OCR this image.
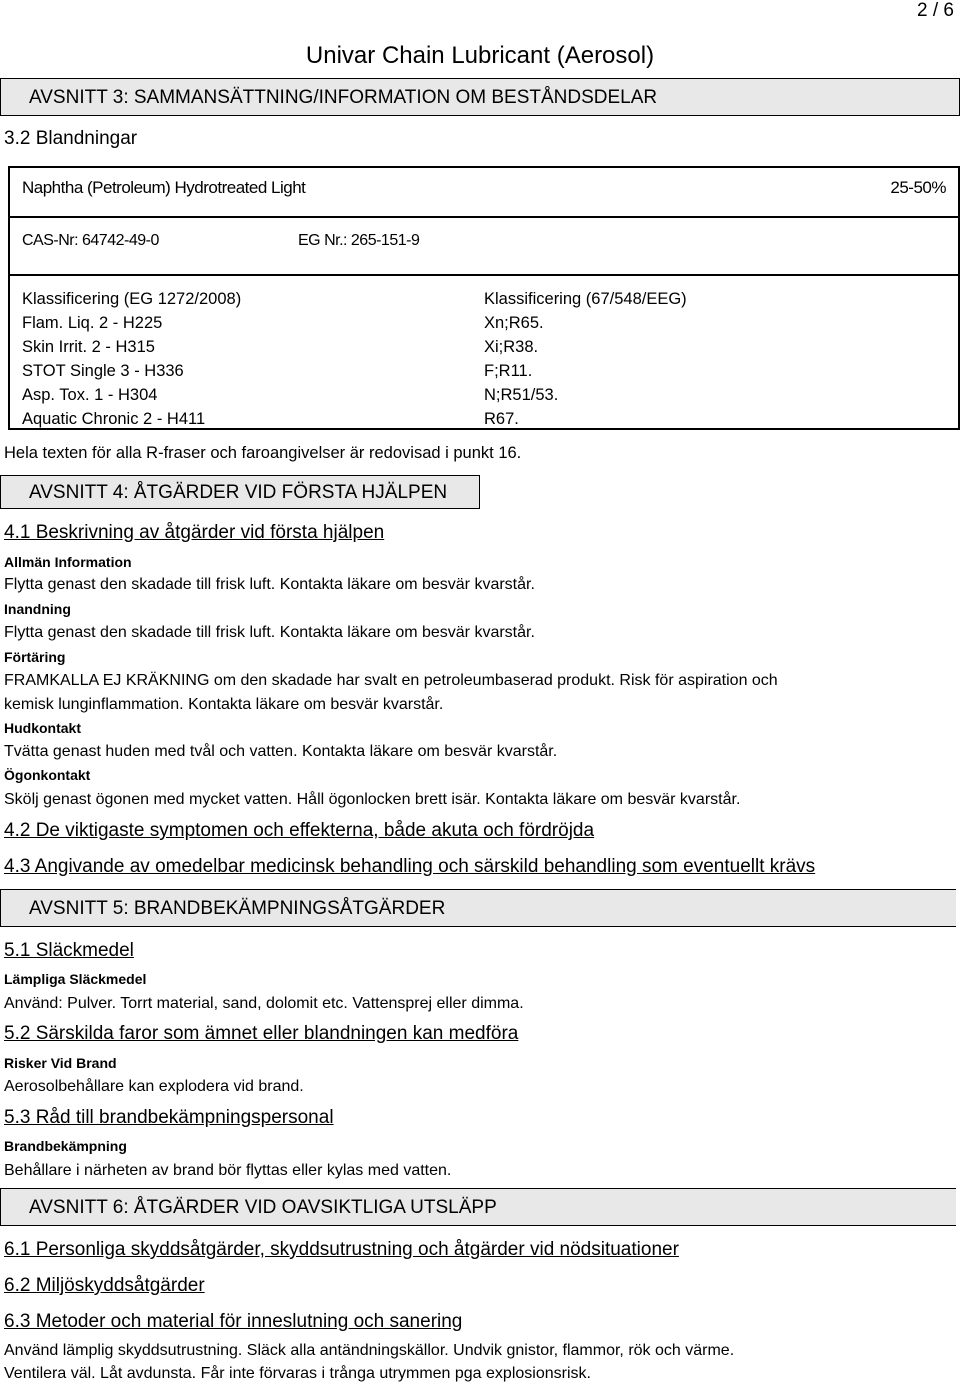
2 / 6
Univar Chain Lubricant (Aerosol)
AVSNITT 3: SAMMANSÄTTNING/INFORMATION OM BESTÅNDSDELAR
3.2 Blandningar
Naphtha (Petroleum) Hydrotreated Light	25-50%
CAS-Nr: 64742-49-0	EG Nr.: 265-151-9
Klassificering (EG 1272/2008)
Flam. Liq. 2 - H225
Skin Irrit. 2 - H315
STOT Single 3 - H336
Asp. Tox. 1 - H304
Aquatic Chronic 2 - H411
Klassificering (67/548/EEG)
Xn;R65.
Xi;R38.
F;R11.
N;R51/53.
R67.
Hela texten för alla R-fraser och faroangivelser är redovisad i punkt 16.
AVSNITT 4: ÅTGÄRDER VID FÖRSTA HJÄLPEN
4.1 Beskrivning av åtgärder vid första hjälpen
Allmän Information
Flytta genast den skadade till frisk luft. Kontakta läkare om besvär kvarstår.
Inandning
Flytta genast den skadade till frisk luft. Kontakta läkare om besvär kvarstår.
Förtäring
FRAMKALLA EJ KRÄKNING om den skadade har svalt en petroleumbaserad produkt. Risk för aspiration och
kemisk lunginflammation. Kontakta läkare om besvär kvarstår.
Hudkontakt
Tvätta genast huden med tvål och vatten. Kontakta läkare om besvär kvarstår.
Ögonkontakt
Skölj genast ögonen med mycket vatten. Håll ögonlocken brett isär. Kontakta läkare om besvär kvarstår.
4.2 De viktigaste symptomen och effekterna, både akuta och fördröjda
4.3 Angivande av omedelbar medicinsk behandling och särskild behandling som eventuellt krävs
AVSNITT 5: BRANDBEKÄMPNINGSÅTGÄRDER
5.1 Släckmedel
Lämpliga Släckmedel
Använd: Pulver. Torrt material, sand, dolomit etc. Vattensprej eller dimma.
5.2 Särskilda faror som ämnet eller blandningen kan medföra
Risker Vid Brand
Aerosolbehållare kan explodera vid brand.
5.3 Råd till brandbekämpningspersonal
Brandbekämpning
Behållare i närheten av brand bör flyttas eller kylas med vatten.
AVSNITT 6: ÅTGÄRDER VID OAVSIKTLIGA UTSLÄPP
6.1 Personliga skyddsåtgärder, skyddsutrustning och åtgärder vid nödsituationer
6.2 Miljöskyddsåtgärder
6.3 Metoder och material för inneslutning och sanering
Använd lämplig skyddsutrustning. Släck alla antändningskällor. Undvik gnistor, flammor, rök och värme.
Ventilera väl. Låt avdunsta. Får inte förvaras i trånga utrymmen pga explosionsrisk.
